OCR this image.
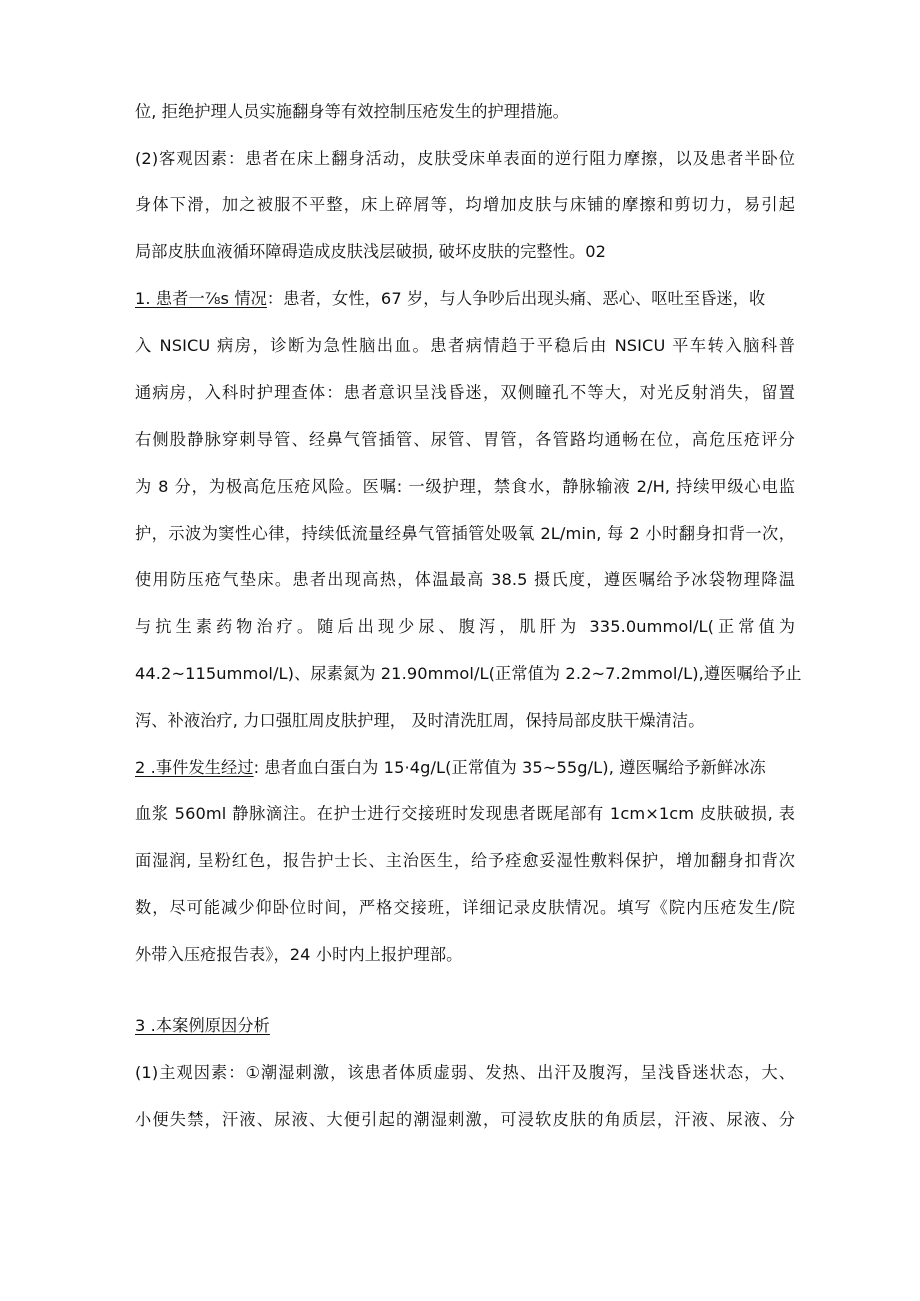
位, 拒绝护理人员实施翻身等有效控制压疮发生的护理措施。
(2)客观因素：患者在床上翻身活动，皮肤受床单表面的逆行阻力摩擦，以及患者半卧位
身体下滑，加之被服不平整，床上碎屑等，均增加皮肤与床铺的摩擦和剪切力，易引起
局部皮肤血液循环障碍造成皮肤浅层破损, 破坏皮肤的完整性。02
1. 患者一⅞s 情况：患者，女性，67 岁，与人争吵后出现头痛、恶心、呕吐至昏迷，收
入 NSICU 病房，诊断为急性脑出血。患者病情趋于平稳后由 NSICU 平车转入脑科普
通病房，入科时护理查体：患者意识呈浅昏迷，双侧瞳孔不等大，对光反射消失，留置
右侧股静脉穿刺导管、经鼻气管插管、尿管、胃管，各管路均通畅在位，高危压疮评分
为 8 分，为极高危压疮风险。医嘱: 一级护理，禁食水，静脉输液 2/H, 持续甲级心电监
护，示波为窦性心律，持续低流量经鼻气管插管处吸氧 2L∕min, 每 2 小时翻身扣背一次，
使用防压疮气垫床。患者出现高热，体温最高 38.5 摄氏度，遵医嘱给予冰袋物理降温
与抗生素药物治疗。随后出现少尿、腹泻，肌肝为 335.0ummol∕L(正常值为
44.2~115ummol∕L)、尿素氮为 21.90mmol∕L(正常值为 2.2~7.2mmol∕L),遵医嘱给予止
泻、补液治疗, 力口强肛周皮肤护理， 及时清洗肛周，保持局部皮肤干燥清洁。
2 .事件发生经过: 患者血白蛋白为 15·4g∕L(正常值为 35~55g∕L), 遵医嘱给予新鲜冰冻
血浆 560ml 静脉滴注。在护士进行交接班时发现患者既尾部有 1cm×1cm 皮肤破损, 表
面湿润, 呈粉红色，报告护士长、主治医生，给予痊愈妥湿性敷料保护，增加翻身扣背次
数，尽可能减少仰卧位时间，严格交接班，详细记录皮肤情况。填写《院内压疮发生/院
外带入压疮报告表》，24 小时内上报护理部。
3 .本案例原因分析
(1)主观因素：①潮湿刺激，该患者体质虚弱、发热、出汗及腹泻，呈浅昏迷状态，大、
小便失禁，汗液、尿液、大便引起的潮湿刺激，可浸软皮肤的角质层，汗液、尿液、分
